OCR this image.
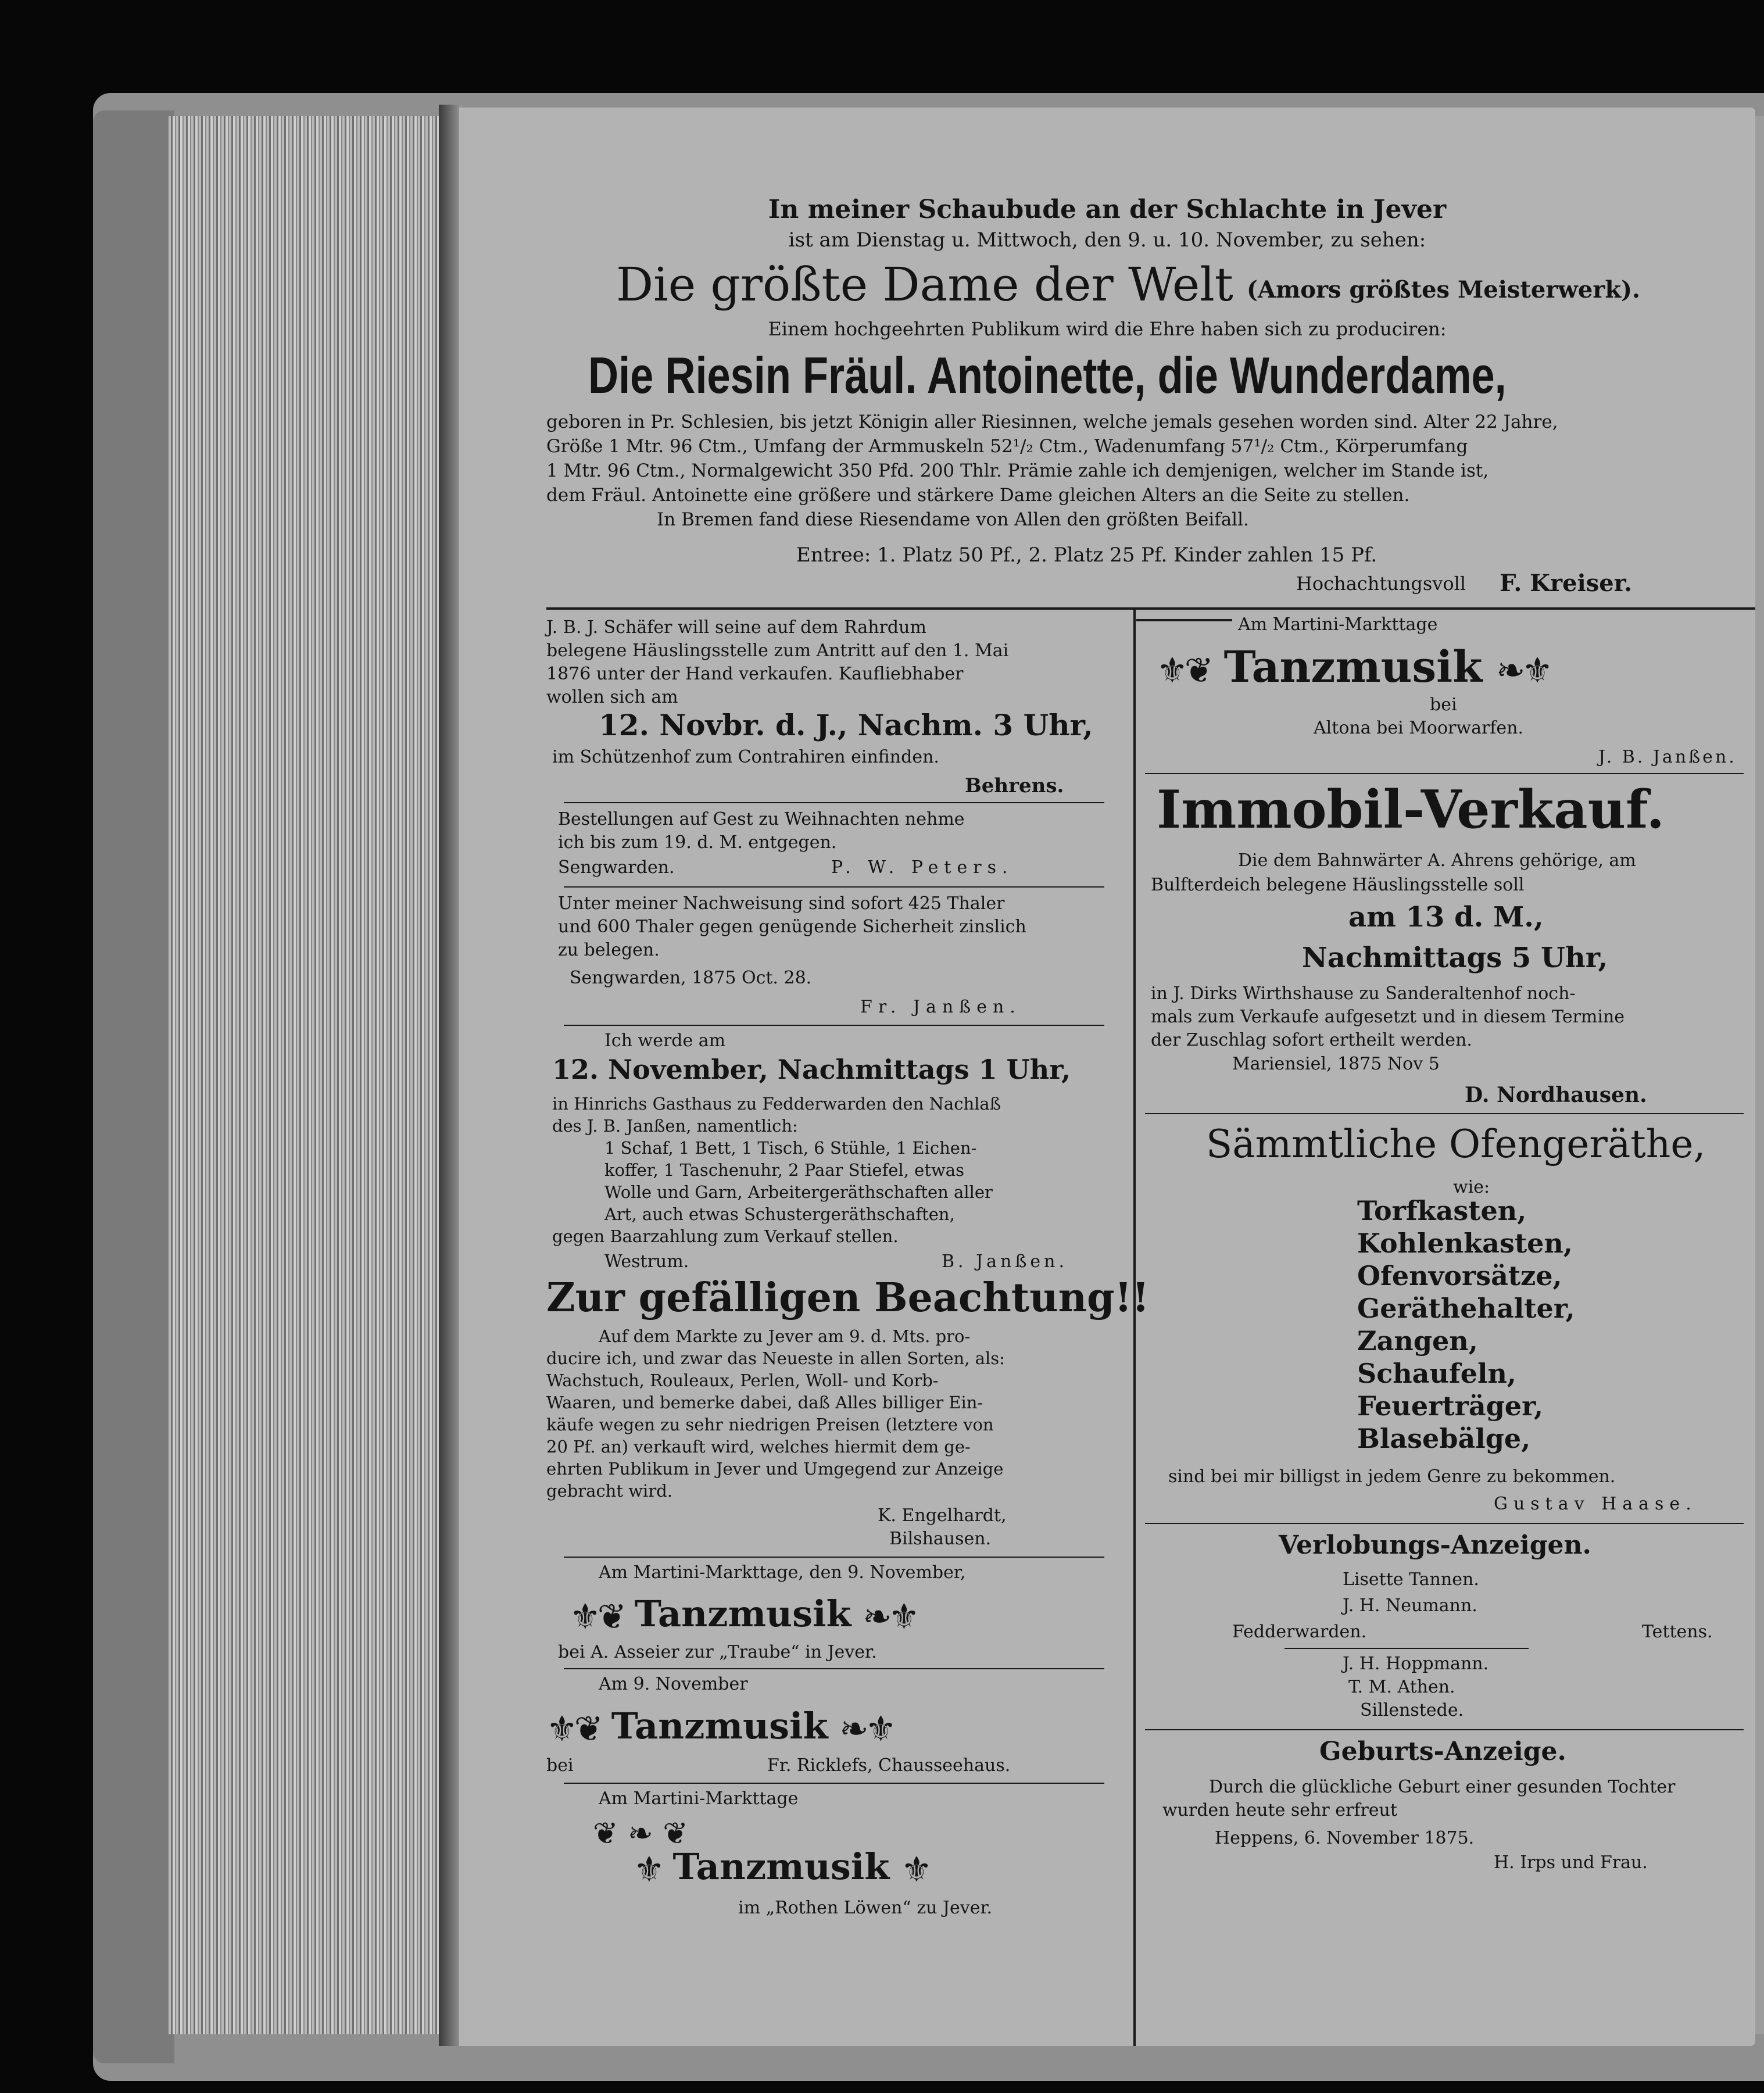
In meiner Schaubude an der Schlachte in Jever
ist am Dienstag u. Mittwoch, den 9. u. 10. November, zu sehen:
Die größte Dame der Welt (Amors größtes Meisterwerk).
Einem hochgeehrten Publikum wird die Ehre haben sich zu produciren:
Die Riesin Fräul. Antoinette, die Wunderdame,
geboren in Pr. Schlesien, bis jetzt Königin aller Riesinnen, welche jemals gesehen worden sind. Alter 22 Jahre,
Größe 1 Mtr. 96 Ctm., Umfang der Armmuskeln 52¹/₂ Ctm., Wadenumfang 57¹/₂ Ctm., Körperumfang
1 Mtr. 96 Ctm., Normalgewicht 350 Pfd. 200 Thlr. Prämie zahle ich demjenigen, welcher im Stande ist,
dem Fräul. Antoinette eine größere und stärkere Dame gleichen Alters an die Seite zu stellen.
In Bremen fand diese Riesendame von Allen den größten Beifall.
Entree: 1. Platz 50 Pf., 2. Platz 25 Pf. Kinder zahlen 15 Pf.
Hochachtungsvoll F. Kreiser.
J. B. J. Schäfer will seine auf dem Rahrdum
belegene Häuslingsstelle zum Antritt auf den 1. Mai
1876 unter der Hand verkaufen. Kaufliebhaber
wollen sich am
12. Novbr. d. J., Nachm. 3 Uhr,
im Schützenhof zum Contrahiren einfinden.
Behrens.
Bestellungen auf Gest zu Weihnachten nehme
ich bis zum 19. d. M. entgegen.
Sengwarden.	P. W. Peters.
Unter meiner Nachweisung sind sofort 425 Thaler
und 600 Thaler gegen genügende Sicherheit zinslich
zu belegen.
Sengwarden, 1875 Oct. 28.
Fr. Janßen.
Ich werde am
12. November, Nachmittags 1 Uhr,
in Hinrichs Gasthaus zu Fedderwarden den Nachlaß
des J. B. Janßen, namentlich:
1 Schaf, 1 Bett, 1 Tisch, 6 Stühle, 1 Eichen-
koffer, 1 Taschenuhr, 2 Paar Stiefel, etwas
Wolle und Garn, Arbeitergeräthschaften aller
Art, auch etwas Schustergeräthschaften,
gegen Baarzahlung zum Verkauf stellen.
Westrum.	B. Janßen.
Zur gefälligen Beachtung!!
Auf dem Markte zu Jever am 9. d. Mts. pro-
ducire ich, und zwar das Neueste in allen Sorten, als:
Wachstuch, Rouleaux, Perlen, Woll- und Korb-
Waaren, und bemerke dabei, daß Alles billiger Ein-
käufe wegen zu sehr niedrigen Preisen (letztere von
20 Pf. an) verkauft wird, welches hiermit dem ge-
ehrten Publikum in Jever und Umgegend zur Anzeige
gebracht wird.
K. Engelhardt,
Bilshausen.
Am Martini-Markttage, den 9. November,
⚜❦ Tanzmusik ❧⚜
bei A. Asseier zur „Traube“ in Jever.
Am 9. November
⚜❦ Tanzmusik ❧⚜
bei	Fr. Ricklefs, Chausseehaus.
Am Martini-Markttage
❦ ❧ ❦
⚜ Tanzmusik ⚜
im „Rothen Löwen“ zu Jever.
Am Martini-Markttage
⚜❦ Tanzmusik ❧⚜
bei
Altona bei Moorwarfen.
J. B. Janßen.
Immobil-Verkauf.
Die dem Bahnwärter A. Ahrens gehörige, am
Bulfterdeich belegene Häuslingsstelle soll
am 13 d. M.,
Nachmittags 5 Uhr,
in J. Dirks Wirthshause zu Sanderaltenhof noch-
mals zum Verkaufe aufgesetzt und in diesem Termine
der Zuschlag sofort ertheilt werden.
Mariensiel, 1875 Nov 5
D. Nordhausen.
Sämmtliche Ofengeräthe,
wie:
Torfkasten,
Kohlenkasten,
Ofenvorsätze,
Geräthehalter,
Zangen,
Schaufeln,
Feuerträger,
Blasebälge,
sind bei mir billigst in jedem Genre zu bekommen.
Gustav Haase.
Verlobungs-Anzeigen.
Lisette Tannen.
J. H. Neumann.
Fedderwarden.	Tettens.
J. H. Hoppmann.
T. M. Athen.
Sillenstede.
Geburts-Anzeige.
Durch die glückliche Geburt einer gesunden Tochter
wurden heute sehr erfreut
Heppens, 6. November 1875.
H. Irps und Frau.
